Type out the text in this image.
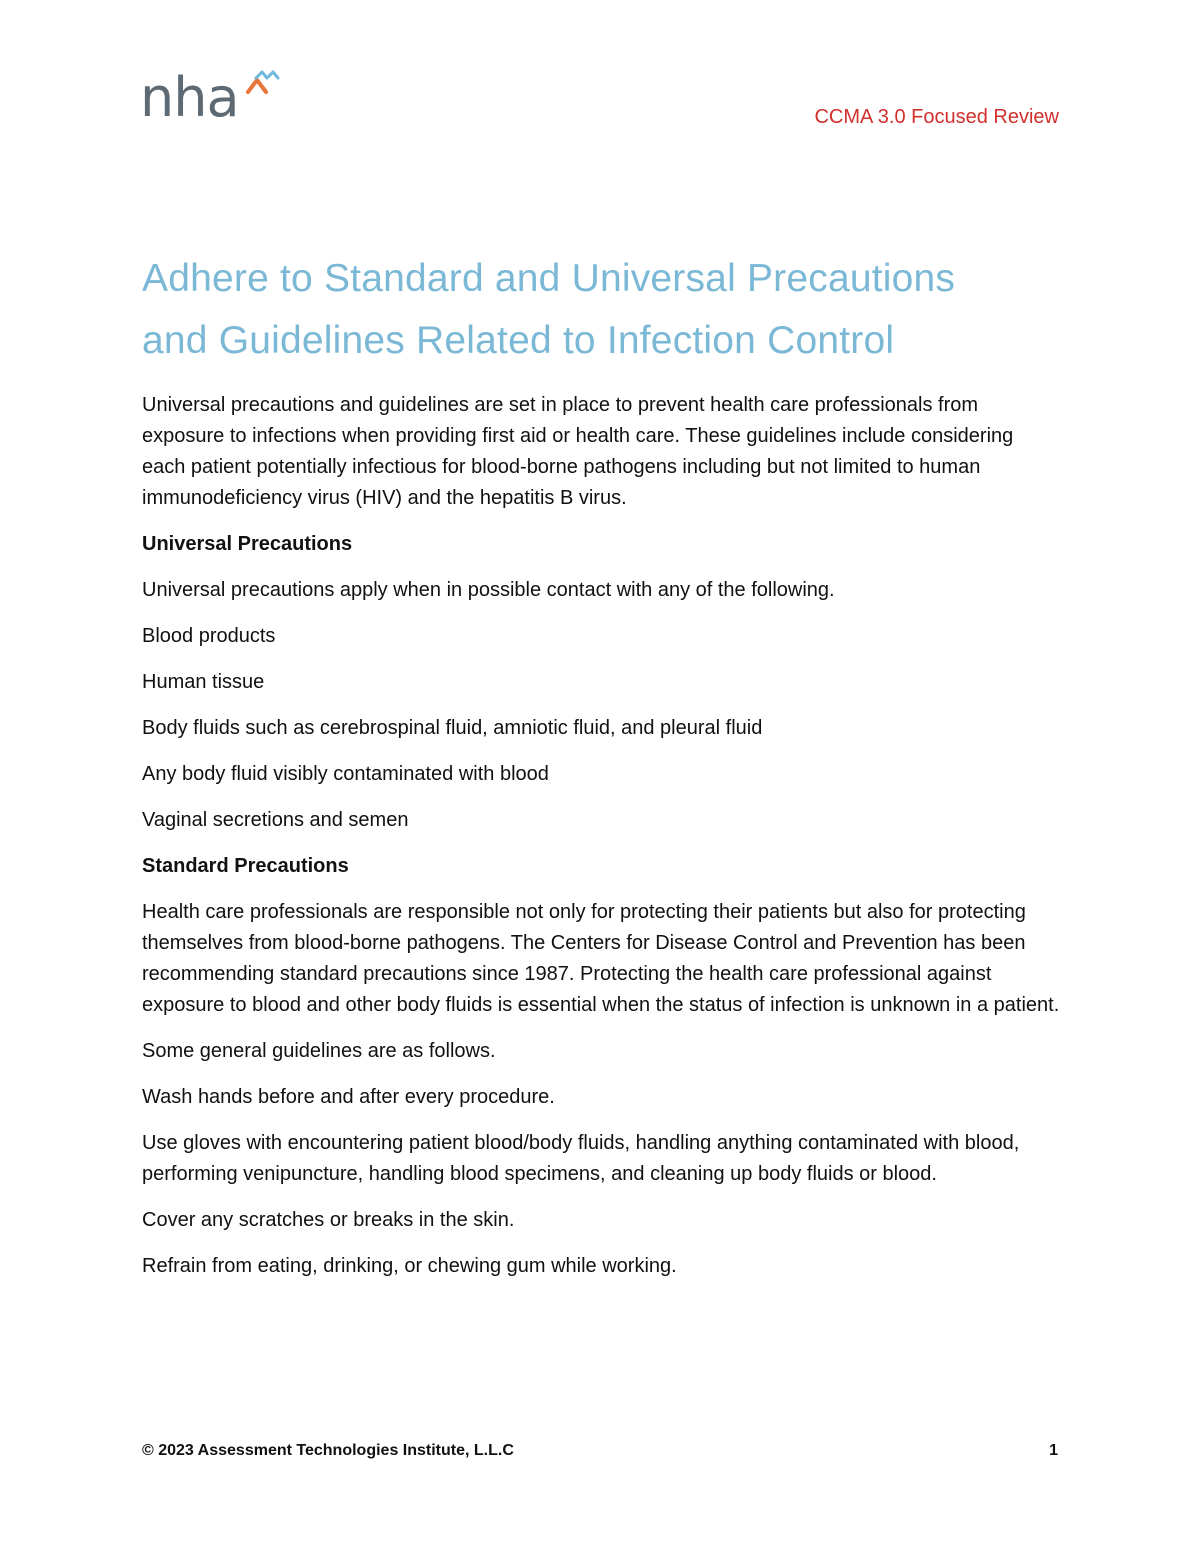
nha	CCMA 3.0 Focused Review
Adhere to Standard and Universal Precautions
and Guidelines Related to Infection Control

Universal precautions and guidelines are set in place to prevent health care professionals from exposure to infections when providing first aid or health care. These guidelines include considering each patient potentially infectious for blood-borne pathogens including but not limited to human immunodeficiency virus (HIV) and the hepatitis B virus.

Universal Precautions

Universal precautions apply when in possible contact with any of the following.

Blood products

Human tissue

Body fluids such as cerebrospinal fluid, amniotic fluid, and pleural fluid

Any body fluid visibly contaminated with blood

Vaginal secretions and semen

Standard Precautions

Health care professionals are responsible not only for protecting their patients but also for protecting themselves from blood-borne pathogens. The Centers for Disease Control and Prevention has been recommending standard precautions since 1987. Protecting the health care professional against exposure to blood and other body fluids is essential when the status of infection is unknown in a patient.

Some general guidelines are as follows.

Wash hands before and after every procedure.

Use gloves with encountering patient blood/body fluids, handling anything contaminated with blood, performing venipuncture, handling blood specimens, and cleaning up body fluids or blood.

Cover any scratches or breaks in the skin.

Refrain from eating, drinking, or chewing gum while working.

© 2023 Assessment Technologies Institute, L.L.C	1
